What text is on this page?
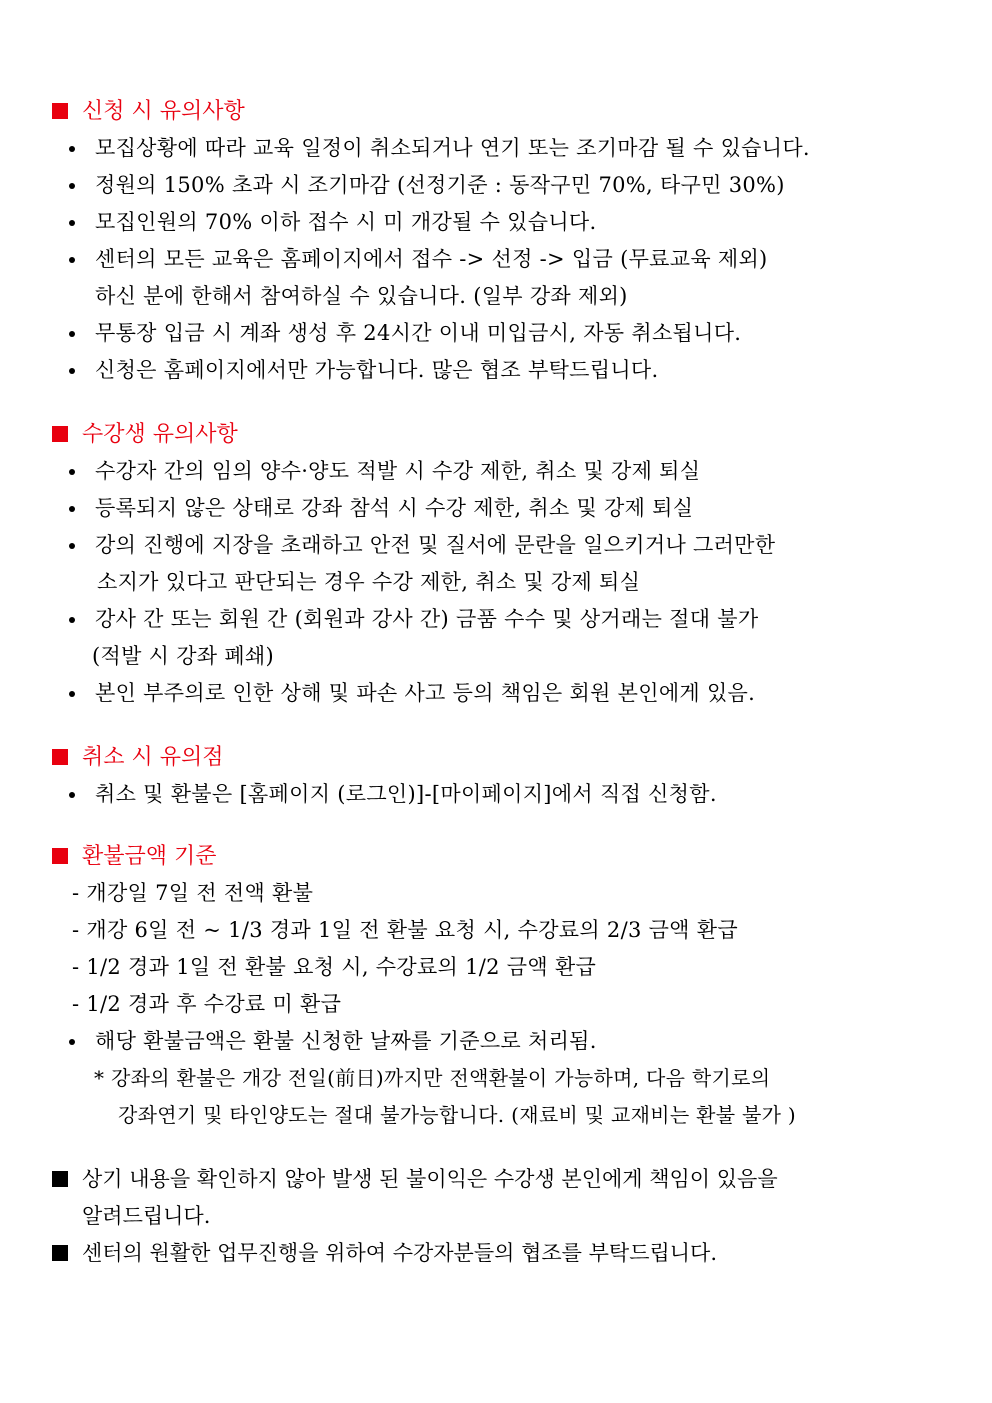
신청 시 유의사항
모집상황에 따라 교육 일정이 취소되거나 연기 또는 조기마감 될 수 있습니다.
정원의 150% 초과 시 조기마감 (선정기준 : 동작구민 70%, 타구민 30%)
모집인원의 70% 이하 접수 시 미 개강될 수 있습니다.
센터의 모든 교육은 홈페이지에서 접수 -> 선정 -> 입금 (무료교육 제외)
하신 분에 한해서 참여하실 수 있습니다. (일부 강좌 제외)
무통장 입금 시 계좌 생성 후 24시간 이내 미입금시, 자동 취소됩니다.
신청은 홈페이지에서만 가능합니다. 많은 협조 부탁드립니다.
수강생 유의사항
수강자 간의 임의 양수·양도 적발 시 수강 제한, 취소 및 강제 퇴실
등록되지 않은 상태로 강좌 참석 시 수강 제한, 취소 및 강제 퇴실
강의 진행에 지장을 초래하고 안전 및 질서에 문란을 일으키거나 그러만한
소지가 있다고 판단되는 경우 수강 제한, 취소 및 강제 퇴실
강사 간 또는 회원 간 (회원과 강사 간) 금품 수수 및 상거래는 절대 불가
(적발 시 강좌 폐쇄)
본인 부주의로 인한 상해 및 파손 사고 등의 책임은 회원 본인에게 있음.
취소 시 유의점
취소 및 환불은 [홈페이지 (로그인)]-[마이페이지]에서 직접 신청함.
환불금액 기준
- 개강일 7일 전 전액 환불
- 개강 6일 전 ~ 1/3 경과 1일 전 환불 요청 시, 수강료의 2/3 금액 환급
- 1/2 경과 1일 전 환불 요청 시, 수강료의 1/2 금액 환급
- 1/2 경과 후 수강료 미 환급
해당 환불금액은 환불 신청한 날짜를 기준으로 처리됨.
* 강좌의 환불은 개강 전일(前日)까지만 전액환불이 가능하며, 다음 학기로의
강좌연기 및 타인양도는 절대 불가능합니다. (재료비 및 교재비는 환불 불가 )
상기 내용을 확인하지 않아 발생 된 불이익은 수강생 본인에게 책임이 있음을
알려드립니다.
센터의 원활한 업무진행을 위하여 수강자분들의 협조를 부탁드립니다.
